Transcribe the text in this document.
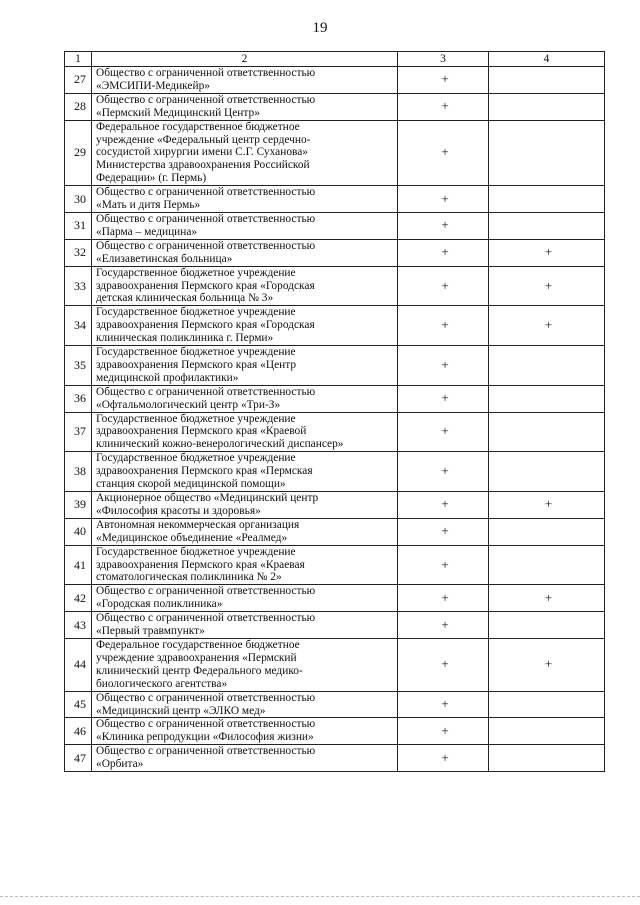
19
1	2	3	4
27	Общество с ограниченной ответственностью
«ЭМСИПИ-Медикейр»	+	
28	Общество с ограниченной ответственностью
«Пермский Медицинский Центр»	+	
29	Федеральное государственное бюджетное
учреждение «Федеральный центр сердечно-
сосудистой хирургии имени С.Г. Суханова»
Министерства здравоохранения Российской
Федерации» (г. Пермь)	+	
30	Общество с ограниченной ответственностью
«Мать и дитя Пермь»	+	
31	Общество с ограниченной ответственностью
«Парма – медицина»	+	
32	Общество с ограниченной ответственностью
«Елизаветинская больница»	+	+
33	Государственное бюджетное учреждение
здравоохранения Пермского края «Городская
детская клиническая больница № 3»	+	+
34	Государственное бюджетное учреждение
здравоохранения Пермского края «Городская
клиническая поликлиника г. Перми»	+	+
35	Государственное бюджетное учреждение
здравоохранения Пермского края «Центр
медицинской профилактики»	+	
36	Общество с ограниченной ответственностью
«Офтальмологический центр «Три-З»	+	
37	Государственное бюджетное учреждение
здравоохранения Пермского края «Краевой
клинический кожно-венерологический диспансер»	+	
38	Государственное бюджетное учреждение
здравоохранения Пермского края «Пермская
станция скорой медицинской помощи»	+	
39	Акционерное общество «Медицинский центр
«Философия красоты и здоровья»	+	+
40	Автономная некоммерческая организация
«Медицинское объединение «Реалмед»	+	
41	Государственное бюджетное учреждение
здравоохранения Пермского края «Краевая
стоматологическая поликлиника № 2»	+	
42	Общество с ограниченной ответственностью
«Городская поликлиника»	+	+
43	Общество с ограниченной ответственностью
«Первый травмпункт»	+	
44	Федеральное государственное бюджетное
учреждение здравоохранения «Пермский
клинический центр Федерального медико-
биологического агентства»	+	+
45	Общество с ограниченной ответственностью
«Медицинский центр «ЭЛКО мед»	+	
46	Общество с ограниченной ответственностью
«Клиника репродукции «Философия жизни»	+	
47	Общество с ограниченной ответственностью
«Орбита»	+	
